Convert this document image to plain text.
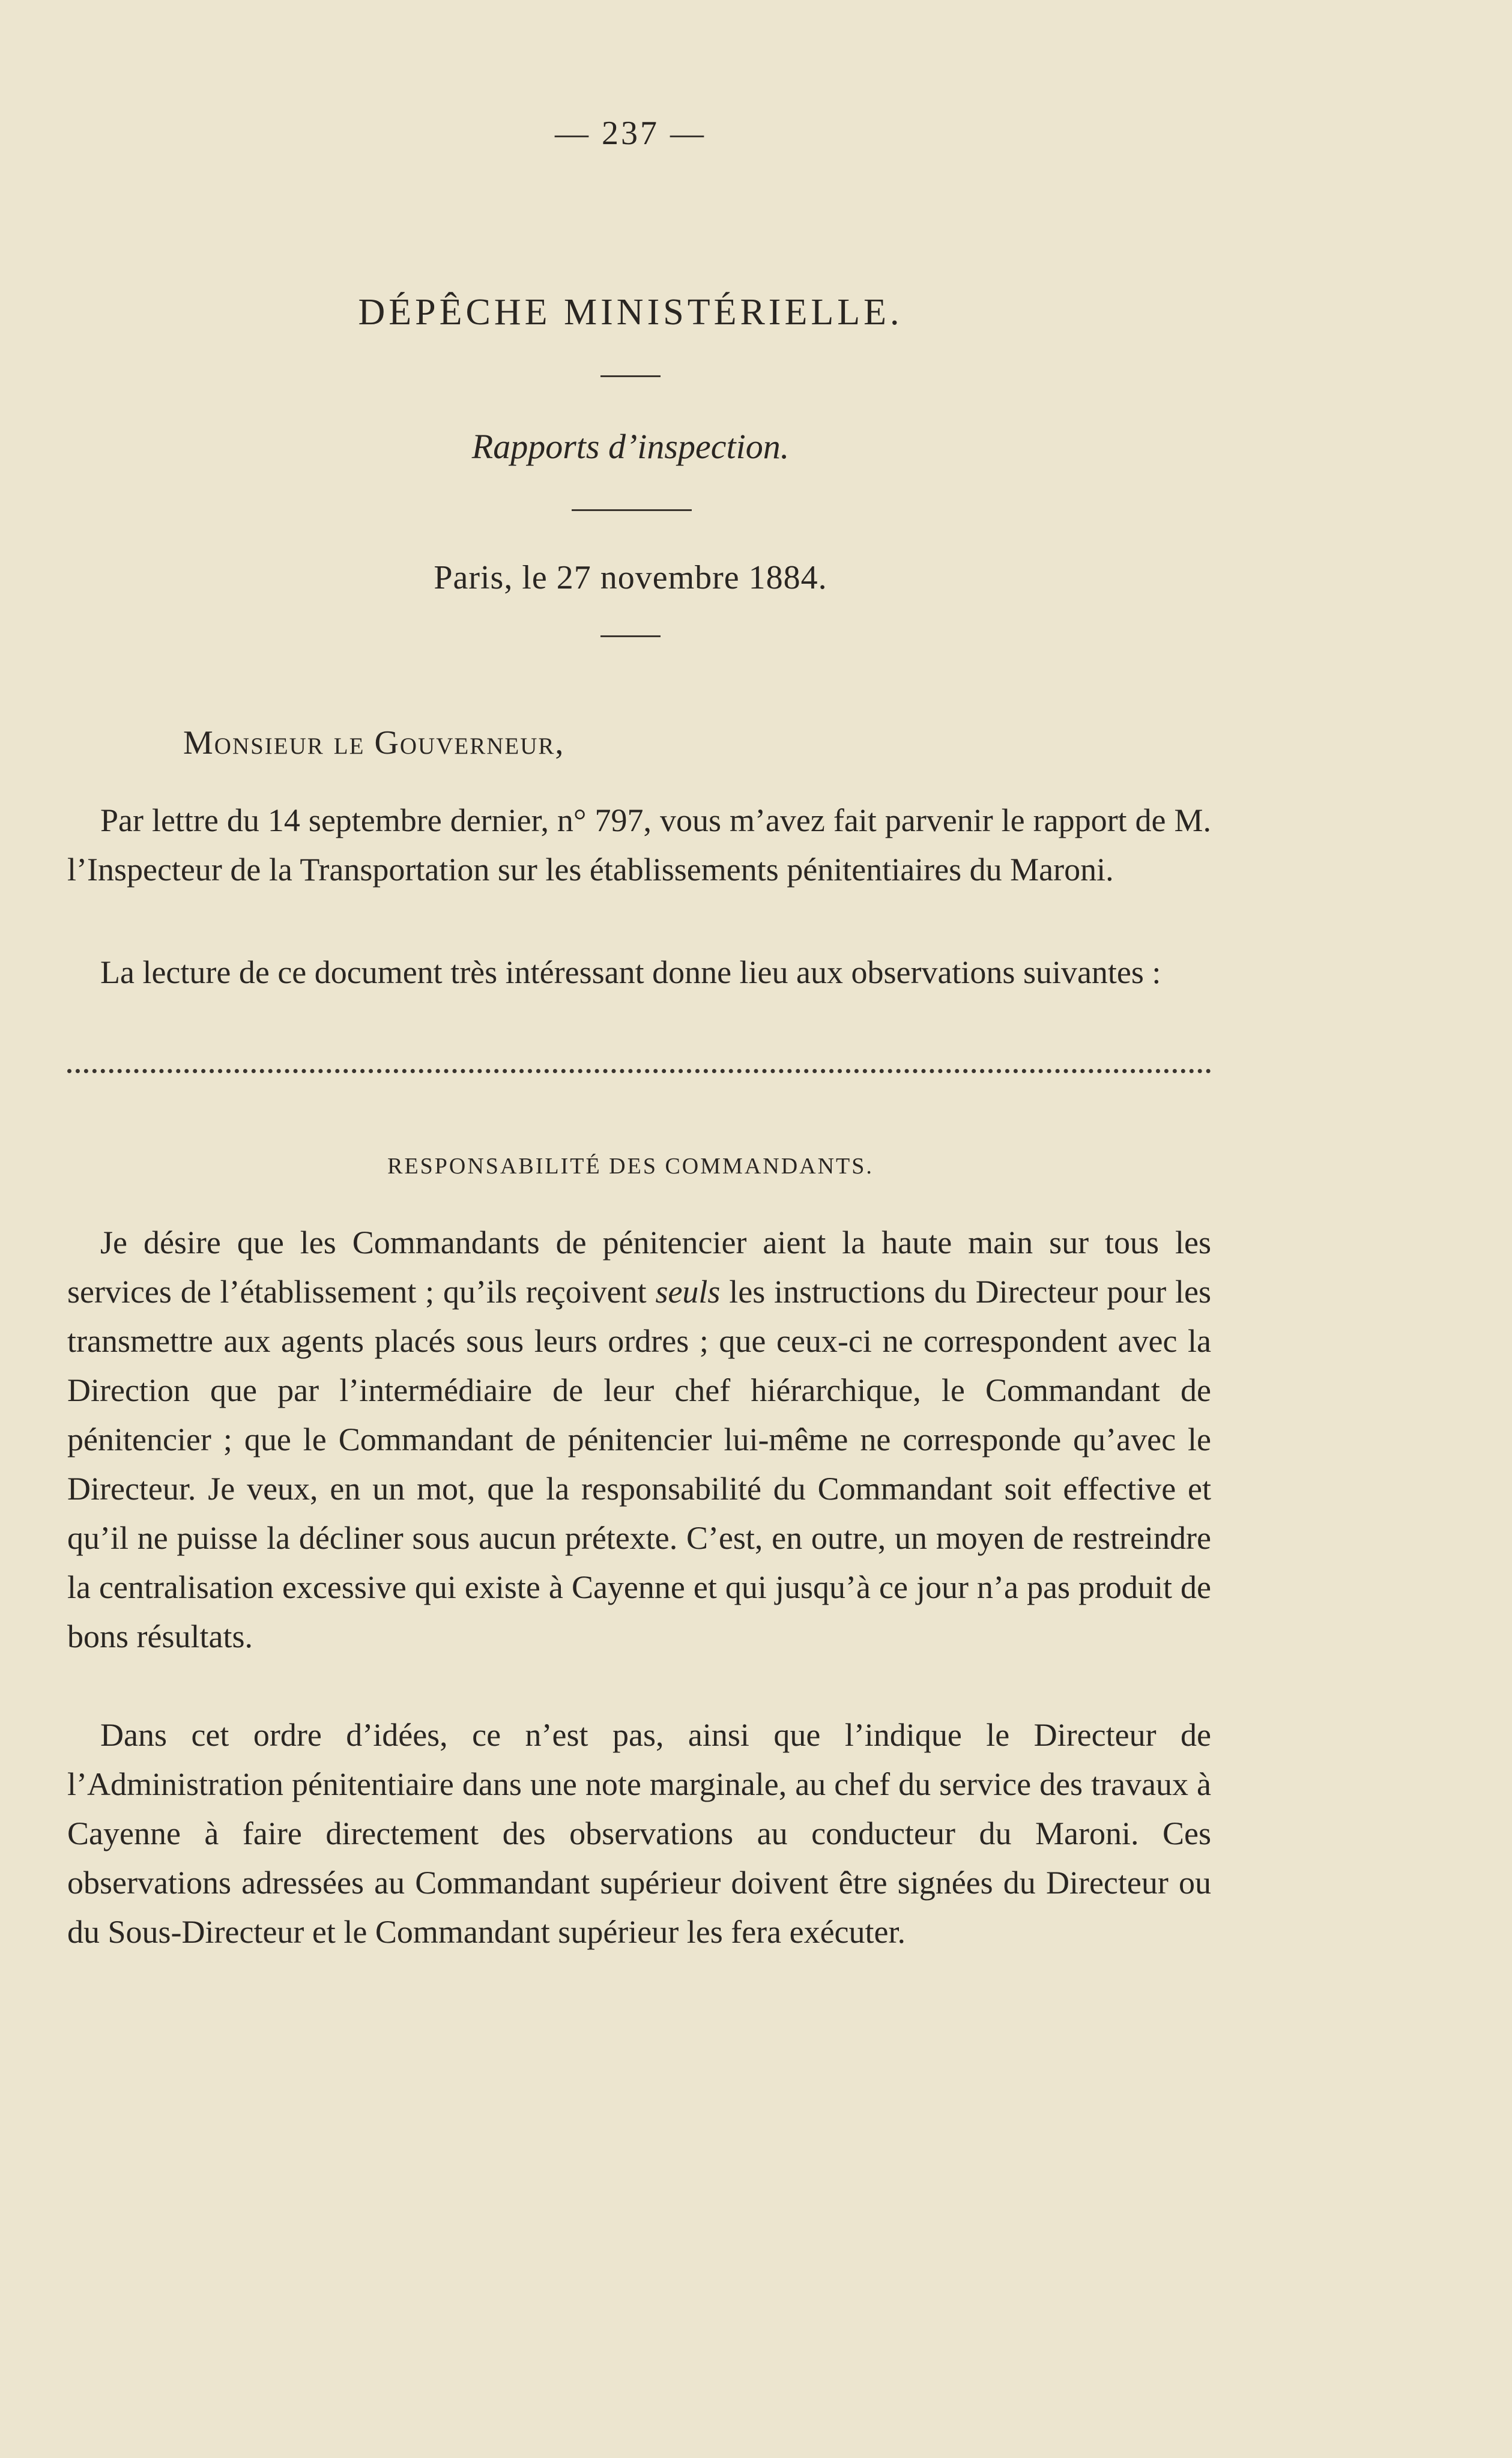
— 237 —
DÉPÊCHE MINISTÉRIELLE.
Rapports d’inspection.
Paris, le 27 novembre 1884.
Monsieur le Gouverneur,

Par lettre du 14 septembre dernier, n° 797, vous m’avez fait parvenir le rapport de M. l’Inspecteur de la Transportation sur les établissements pénitentiaires du Maroni.

La lecture de ce document très intéressant donne lieu aux observations suivantes :

RESPONSABILITÉ DES COMMANDANTS.

Je désire que les Commandants de pénitencier aient la haute main sur tous les services de l’établissement ; qu’ils reçoivent seuls les instructions du Directeur pour les transmettre aux agents placés sous leurs ordres ; que ceux-ci ne correspondent avec la Direction que par l’intermédiaire de leur chef hiérarchique, le Commandant de pénitencier ; que le Commandant de pénitencier lui-même ne corresponde qu’avec le Directeur. Je veux, en un mot, que la responsabilité du Commandant soit effective et qu’il ne puisse la décliner sous aucun prétexte. C’est, en outre, un moyen de restreindre la centralisation excessive qui existe à Cayenne et qui jusqu’à ce jour n’a pas produit de bons résultats.

Dans cet ordre d’idées, ce n’est pas, ainsi que l’indique le Directeur de l’Administration pénitentiaire dans une note marginale, au chef du service des travaux à Cayenne à faire directement des observations au conducteur du Maroni. Ces observations adressées au Commandant supérieur doivent être signées du Directeur ou du Sous-Directeur et le Commandant supérieur les fera exécuter.
